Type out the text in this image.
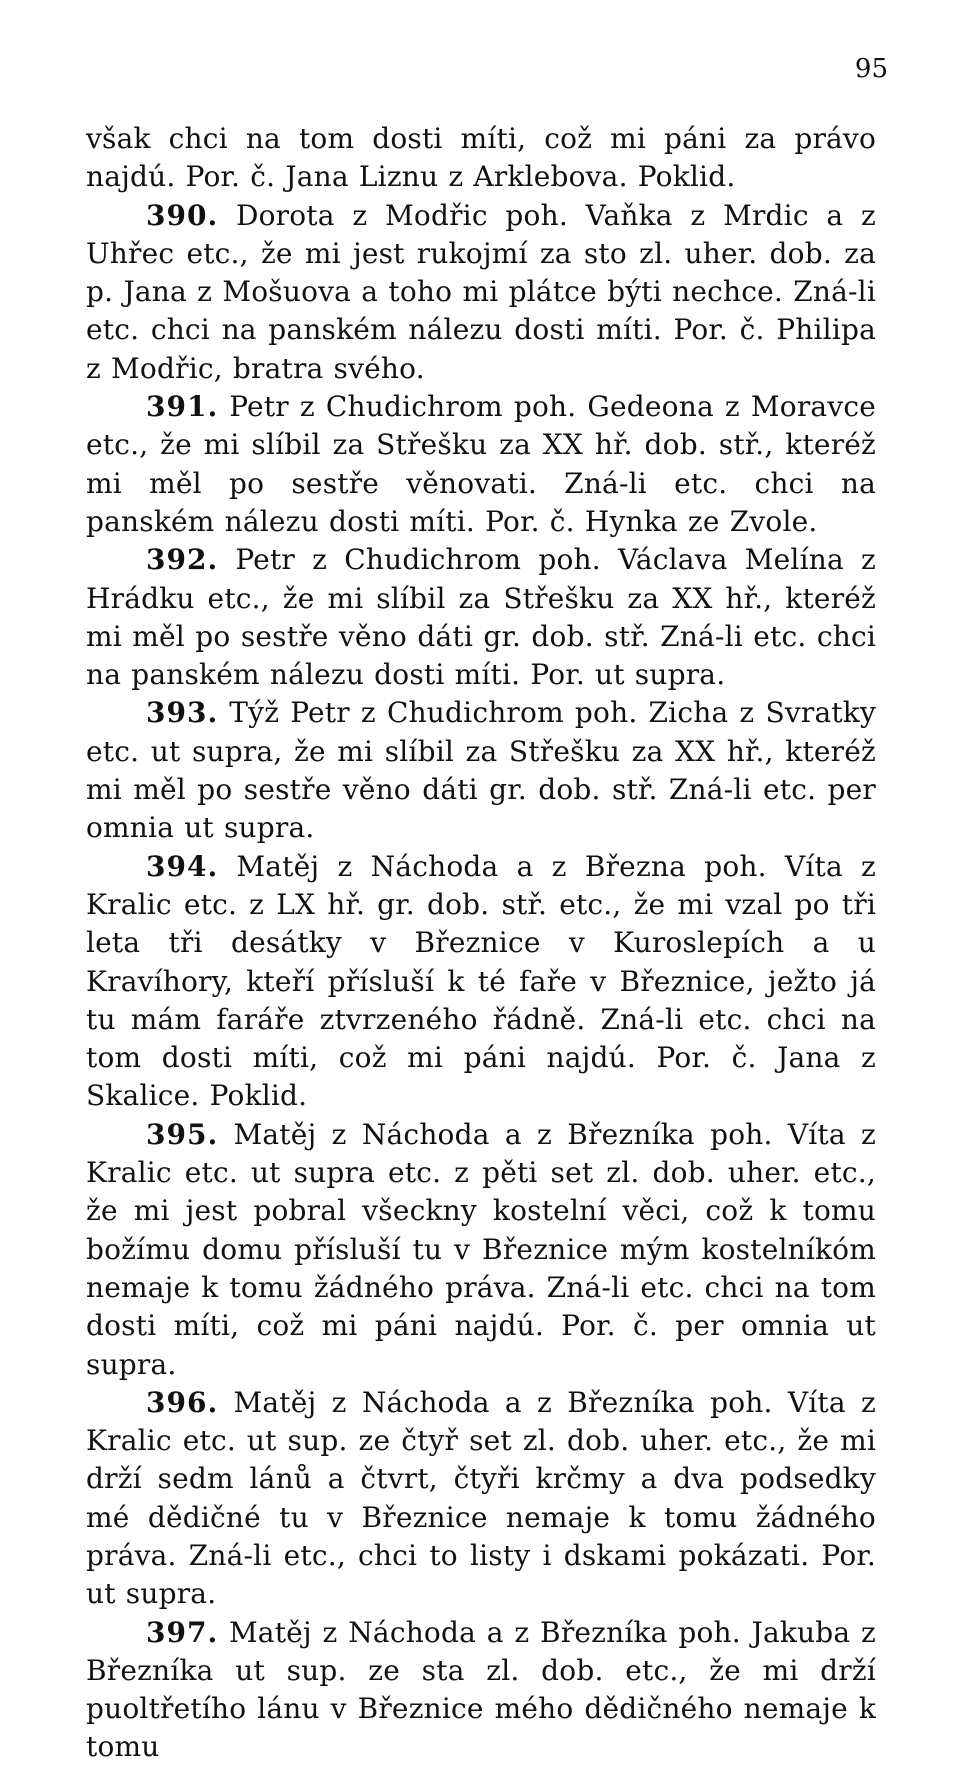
95

však chci na tom dosti míti, což mi páni za právo najdú. Por. č. Jana Liznu z Arklebova. Poklid.

390. Dorota z Modřic poh. Vaňka z Mrdic a z Uhřec etc., že mi jest rukojmí za sto zl. uher. dob. za p. Jana z Mošuova a toho mi plátce býti nechce. Zná-li etc. chci na panském nálezu dosti míti. Por. č. Philipa z Modřic, bratra svého.

391. Petr z Chudichrom poh. Gedeona z Moravce etc., že mi slíbil za Střešku za XX hř. dob. stř., kteréž mi měl po sestře věnovati. Zná-li etc. chci na panském nálezu dosti míti. Por. č. Hynka ze Zvole.

392. Petr z Chudichrom poh. Václava Melína z Hrádku etc., že mi slíbil za Střešku za XX hř., kteréž mi měl po sestře věno dáti gr. dob. stř. Zná-li etc. chci na panském nálezu dosti míti. Por. ut supra.

393. Týž Petr z Chudichrom poh. Zicha z Svratky etc. ut supra, že mi slíbil za Střešku za XX hř., kteréž mi měl po sestře věno dáti gr. dob. stř. Zná-li etc. per omnia ut supra.

394. Matěj z Náchoda a z Března poh. Víta z Kralic etc. z LX hř. gr. dob. stř. etc., že mi vzal po tři leta tři desátky v Březnice v Kuroslepích a u Kravíhory, kteří přísluší k té faře v Březnice, ježto já tu mám faráře ztvrzeného řádně. Zná-li etc. chci na tom dosti míti, což mi páni najdú. Por. č. Jana z Skalice. Poklid.

395. Matěj z Náchoda a z Březníka poh. Víta z Kralic etc. ut supra etc. z pěti set zl. dob. uher. etc., že mi jest pobral všeckny kostelní věci, což k tomu božímu domu přísluší tu v Březnice mým kostelníkóm nemaje k tomu žádného práva. Zná-li etc. chci na tom dosti míti, což mi páni najdú. Por. č. per omnia ut supra.

396. Matěj z Náchoda a z Březníka poh. Víta z Kralic etc. ut sup. ze čtyř set zl. dob. uher. etc., že mi drží sedm lánů a čtvrt, čtyři krčmy a dva podsedky mé dědičné tu v Březnice nemaje k tomu žádného práva. Zná-li etc., chci to listy i dskami pokázati. Por. ut supra.

397. Matěj z Náchoda a z Březníka poh. Jakuba z Březníka ut sup. ze sta zl. dob. etc., že mi drží puoltřetího lánu v Březnice mého dědičného nemaje k tomu
